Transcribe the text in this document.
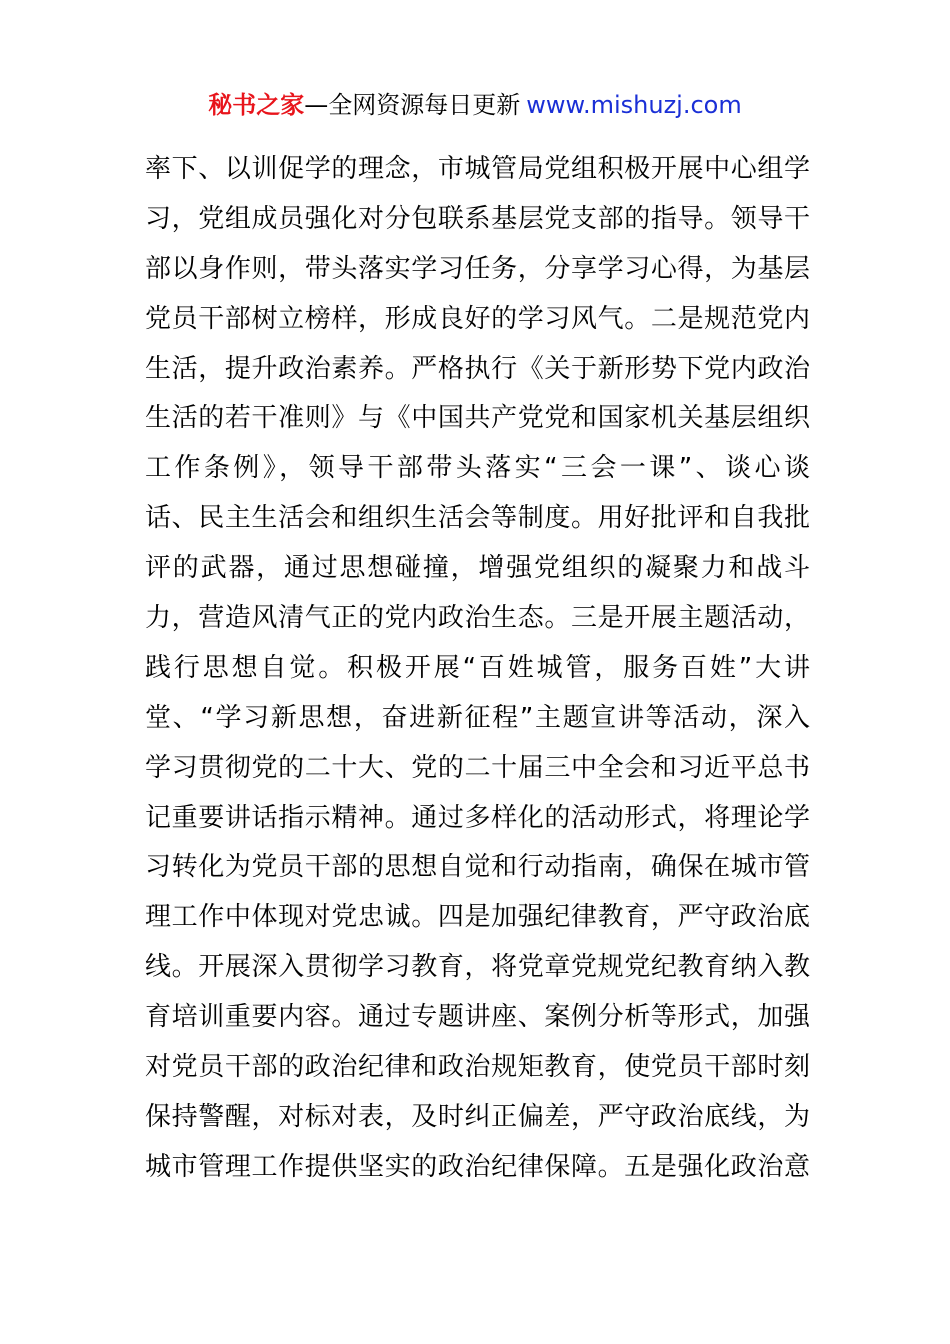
秘书之家—全网资源每日更新 www.mishuzj.com
率下、以训促学的理念，市城管局党组积极开展中心组学
习，党组成员强化对分包联系基层党支部的指导。领导干
部以身作则，带头落实学习任务，分享学习心得，为基层
党员干部树立榜样，形成良好的学习风气。二是规范党内
生活，提升政治素养。严格执行《关于新形势下党内政治
生活的若干准则》与《中国共产党党和国家机关基层组织
工作条例》，领导干部带头落实“三会一课”、谈心谈
话、民主生活会和组织生活会等制度。用好批评和自我批
评的武器，通过思想碰撞，增强党组织的凝聚力和战斗
力，营造风清气正的党内政治生态。三是开展主题活动，
践行思想自觉。积极开展“百姓城管，服务百姓”大讲
堂、“学习新思想，奋进新征程”主题宣讲等活动，深入
学习贯彻党的二十大、党的二十届三中全会和习近平总书
记重要讲话指示精神。通过多样化的活动形式，将理论学
习转化为党员干部的思想自觉和行动指南，确保在城市管
理工作中体现对党忠诚。四是加强纪律教育，严守政治底
线。开展深入贯彻学习教育，将党章党规党纪教育纳入教
育培训重要内容。通过专题讲座、案例分析等形式，加强
对党员干部的政治纪律和政治规矩教育，使党员干部时刻
保持警醒，对标对表，及时纠正偏差，严守政治底线，为
城市管理工作提供坚实的政治纪律保障。五是强化政治意
